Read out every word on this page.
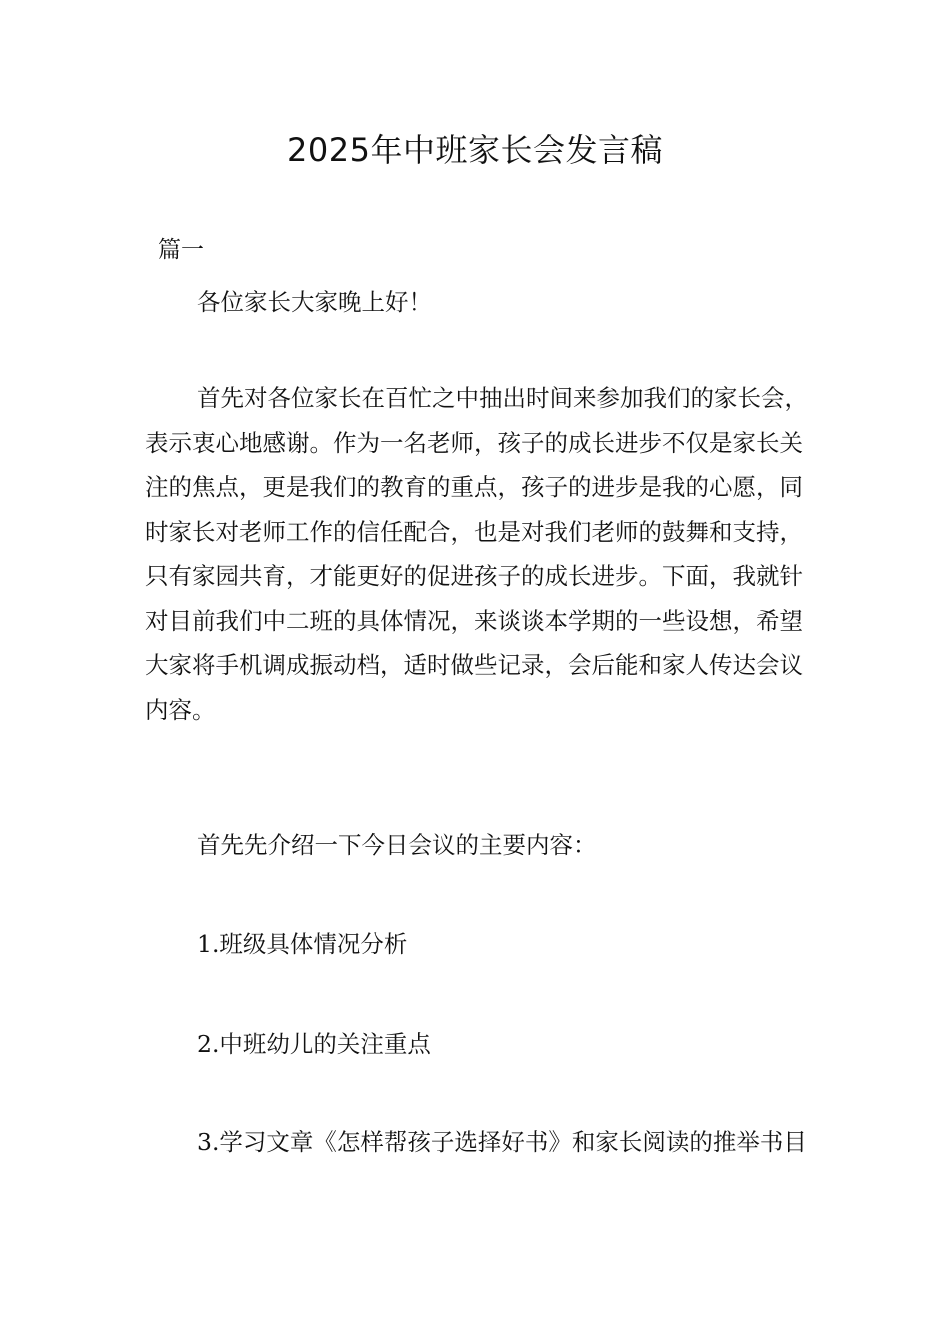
2025年中班家长会发言稿
篇一

各位家长大家晚上好！

首先对各位家长在百忙之中抽出时间来参加我们的家长会，表示衷心地感谢。作为一名老师，孩子的成长进步不仅是家长关注的焦点，更是我们的教育的重点，孩子的进步是我的心愿，同时家长对老师工作的信任配合，也是对我们老师的鼓舞和支持，只有家园共育，才能更好的促进孩子的成长进步。下面，我就针对目前我们中二班的具体情况，来谈谈本学期的一些设想，希望大家将手机调成振动档，适时做些记录，会后能和家人传达会议内容。

首先先介绍一下今日会议的主要内容：

1.班级具体情况分析

2.中班幼儿的关注重点

3.学习文章《怎样帮孩子选择好书》和家长阅读的推举书目
